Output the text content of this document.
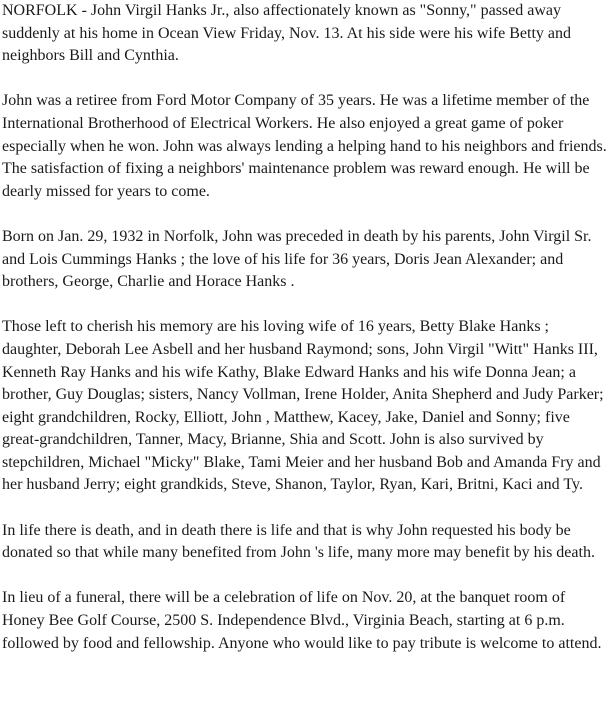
NORFOLK - John Virgil Hanks Jr., also affectionately known as "Sonny," passed away suddenly at his home in Ocean View Friday, Nov. 13. At his side were his wife Betty and neighbors Bill and Cynthia.

John was a retiree from Ford Motor Company of 35 years. He was a lifetime member of the International Brotherhood of Electrical Workers. He also enjoyed a great game of poker especially when he won. John was always lending a helping hand to his neighbors and friends. The satisfaction of fixing a neighbors' maintenance problem was reward enough. He will be dearly missed for years to come.

Born on Jan. 29, 1932 in Norfolk, John was preceded in death by his parents, John Virgil Sr. and Lois Cummings Hanks ; the love of his life for 36 years, Doris Jean Alexander; and brothers, George, Charlie and Horace Hanks .

Those left to cherish his memory are his loving wife of 16 years, Betty Blake Hanks ; daughter, Deborah Lee Asbell and her husband Raymond; sons, John Virgil "Witt" Hanks III, Kenneth Ray Hanks and his wife Kathy, Blake Edward Hanks and his wife Donna Jean; a brother, Guy Douglas; sisters, Nancy Vollman, Irene Holder, Anita Shepherd and Judy Parker; eight grandchildren, Rocky, Elliott, John , Matthew, Kacey, Jake, Daniel and Sonny; five great-grandchildren, Tanner, Macy, Brianne, Shia and Scott. John is also survived by stepchildren, Michael "Micky" Blake, Tami Meier and her husband Bob and Amanda Fry and her husband Jerry; eight grandkids, Steve, Shanon, Taylor, Ryan, Kari, Britni, Kaci and Ty.

In life there is death, and in death there is life and that is why John requested his body be donated so that while many benefited from John 's life, many more may benefit by his death.

In lieu of a funeral, there will be a celebration of life on Nov. 20, at the banquet room of Honey Bee Golf Course, 2500 S. Independence Blvd., Virginia Beach, starting at 6 p.m. followed by food and fellowship. Anyone who would like to pay tribute is welcome to attend.
